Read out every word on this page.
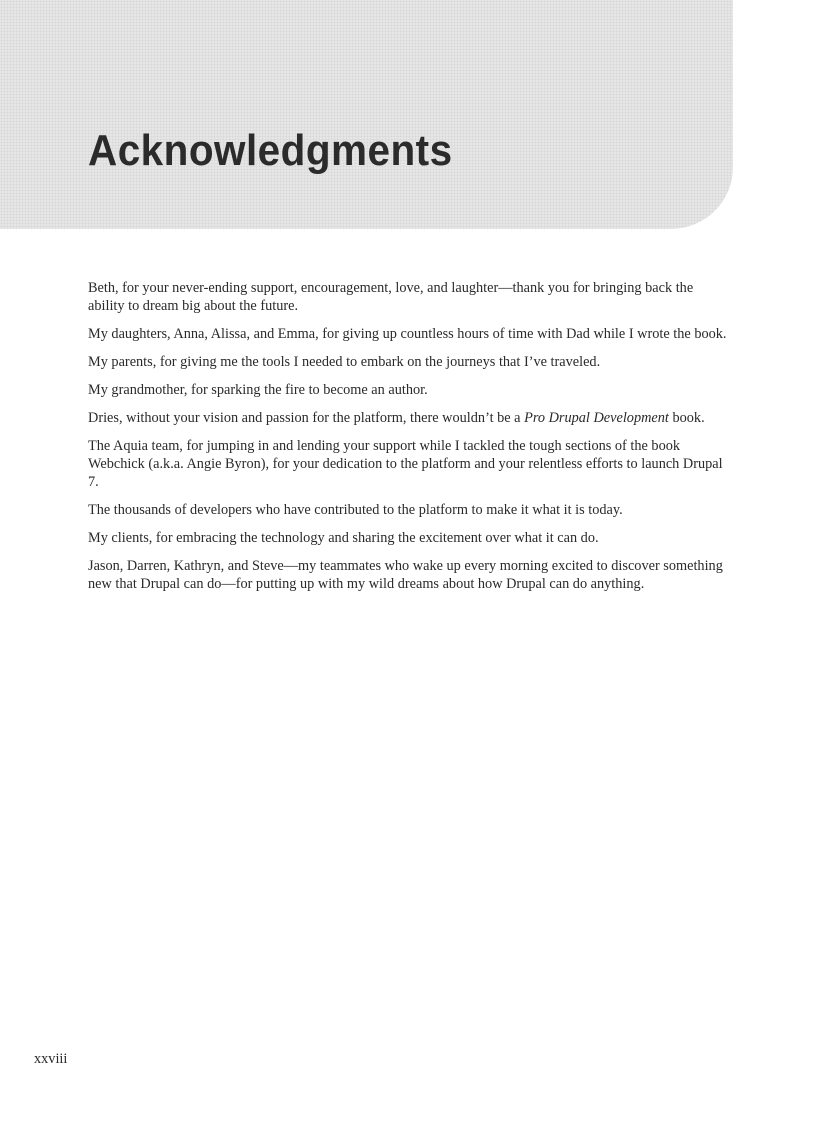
Acknowledgments

Beth, for your never-ending support, encouragement, love, and laughter—thank you for bringing back the ability to dream big about the future.

My daughters, Anna, Alissa, and Emma, for giving up countless hours of time with Dad while I wrote the book.

My parents, for giving me the tools I needed to embark on the journeys that I’ve traveled.

My grandmother, for sparking the fire to become an author.

Dries, without your vision and passion for the platform, there wouldn’t be a Pro Drupal Development book.

The Aquia team, for jumping in and lending your support while I tackled the tough sections of the book

Webchick (a.k.a. Angie Byron), for your dedication to the platform and your relentless efforts to launch Drupal 7.

The thousands of developers who have contributed to the platform to make it what it is today.

My clients, for embracing the technology and sharing the excitement over what it can do.

Jason, Darren, Kathryn, and Steve—my teammates who wake up every morning excited to discover something new that Drupal can do—for putting up with my wild dreams about how Drupal can do anything.

xxviii
